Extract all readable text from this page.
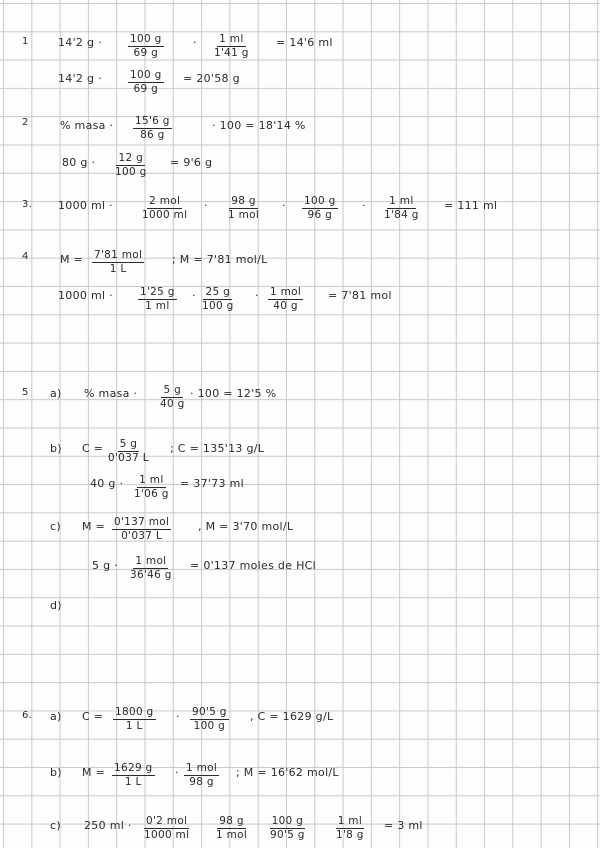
1	14'2 $g \cdot \frac{100 g}{69 g}$	· $\frac{1 ml}{1'41 g} = 14'6$ ml
14'2 $g \cdot \frac{100 g}{69 g} = 20'58$ g
2	% masa · $\frac{15'6 g}{86 g}$	· 100 = 18'14 %
80 $g \cdot \frac{12 g}{100 g} = 9'6$ g
3. 1000 ml ·	2 mol
1000 ml
· 98 g
1 mol
· $\frac{100 g}{96 g} \cdot \frac{1 ml}{1'84 g} = 111$ ml
4	M = 7'81 mol
1 L
; M = 7'81 mol/L
1000 ml · $\frac{1'25 g}{1 ml} \cdot \frac{25 g}{100 g} \cdot 1$ mol
40 g
= 7'81 mol
5 a) % masa · $\frac{5 g}{40 g} \cdot 100 = 12'5$ %
b) $C = \frac{5 g}{0'037 L}$ ; C = 135'13 g/L
40 $g \cdot \frac{1 ml}{1'06 g} = 37'73$ ml
c) M = 0'137 mol
0'037 L
, M = 3'70 mol/L
5 g · 1 mol
36'46 g
= 0'137 moles de HCl
d)
6. a) $C = \frac{1800 g}{1 L} \cdot \frac{90'5 g}{100 g}$ , C = 1629 g/L
b) $M = \frac{1629 g}{1 L} \cdot 1$ mol
98 g
; M = 16'62 mol/L
c) 250 ml · 0'2 mol
1000 ml
98 g
1 mol $\frac{100 g}{90'5 g}$	$\frac{1 ml}{1'8 g} = 3$ ml
